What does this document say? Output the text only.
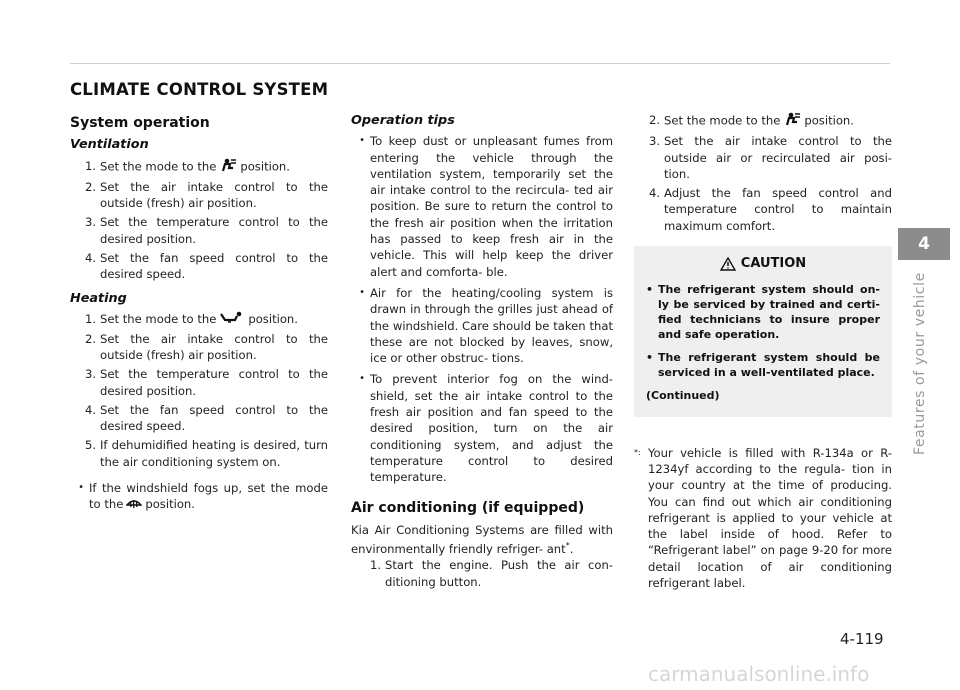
CLIMATE CONTROL SYSTEM
System operation
Ventilation
1. Set the mode to the position.
2. Set the air intake control to the outside (fresh) air position.
3. Set the temperature control to the desired position.
4. Set the fan speed control to the desired speed.
Heating
1. Set the mode to the	position.
2. Set the air intake control to the outside (fresh) air position.
3. Set the temperature control to the desired position.
4. Set the fan speed control to the desired speed.
5. If dehumidified heating is desired, turn the air conditioning system on.
• If the windshield fogs up, set the mode to the position.
Operation tips
• To keep dust or unpleasant fumes from entering the vehicle through the ventilation system, temporarily set the air intake control to the recircula- ted air position. Be sure to return the control to the fresh air position when the irritation has passed to keep fresh air in the vehicle. This will help keep the driver alert and comforta- ble.
• Air for the heating/cooling system is drawn in through the grilles just ahead of the windshield. Care should be taken that these are not blocked by leaves, snow, ice or other obstruc- tions.
• To prevent interior fog on the wind- shield, set the air intake control to the fresh air position and fan speed to the desired position, turn on the air conditioning system, and adjust the temperature control to desired temperature.
Air conditioning (if equipped)
Kia Air Conditioning Systems are filled with environmentally friendly refriger- ant*.
1. Start the engine. Push the air con- ditioning button.
2. Set the mode to the position.
3. Set the air intake control to the outside air or recirculated air posi- tion.
4. Adjust the fan speed control and temperature control to maintain maximum comfort.
CAUTION
• The refrigerant system should on- ly be serviced by trained and certi- fied technicians to insure proper and safe operation.
• The refrigerant system should be serviced in a well-ventilated place.
(Continued)
*: Your vehicle is filled with R-134a or R-1234yf according to the regula- tion in your country at the time of producing. You can find out which air conditioning refrigerant is applied to your vehicle at the label inside of hood. Refer to “Refrigerant label” on page 9-20 for more detail location of air conditioning refrigerant label.
4
Features of your vehicle
4-119
carmanualsonline.info
